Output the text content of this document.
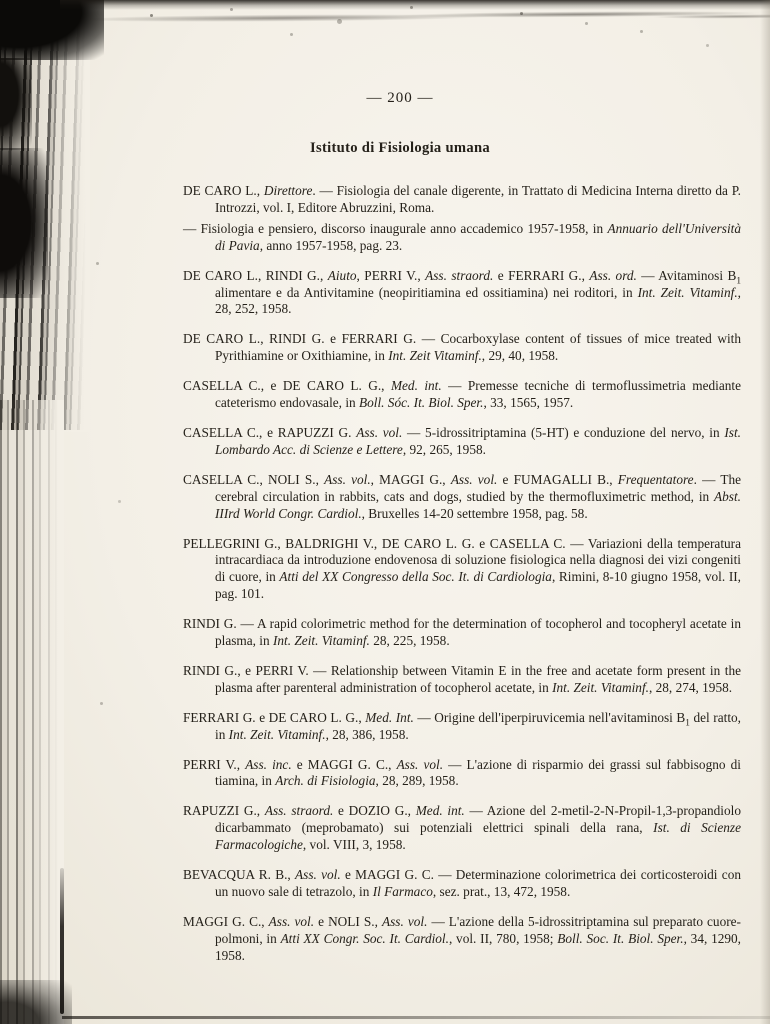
— 200 —
Istituto di Fisiologia umana

DE CARO L., Direttore. — Fisiologia del canale digerente, in Trattato di Medicina Interna diretto da P. Introzzi, vol. I, Editore Abruzzini, Roma.

— Fisiologia e pensiero, discorso inaugurale anno accademico 1957-1958, in Annuario dell'Università di Pavia, anno 1957-1958, pag. 23.

DE CARO L., RINDI G., Aiuto, PERRI V., Ass. straord. e FERRARI G., Ass. ord. — Avitaminosi $B_1$ alimentare e da Antivitamine (neopiritiamina ed ossitiamina) nei roditori, in Int. Zeit. Vitaminf., 28, 252, 1958.

DE CARO L., RINDI G. e FERRARI G. — Cocarboxylase content of tissues of mice treated with Pyrithiamine or Oxithiamine, in Int. Zeit Vitaminf., 29, 40, 1958.

CASELLA C., e DE CARO L. G., Med. int. — Premesse tecniche di termoflussimetria mediante cateterismo endovasale, in Boll. Sóc. It. Biol. Sper., 33, 1565, 1957.

CASELLA C., e RAPUZZI G. Ass. vol. — 5-idrossitriptamina (5-HT) e conduzione del nervo, in Ist. Lombardo Acc. di Scienze e Lettere, 92, 265, 1958.

CASELLA C., NOLI S., Ass. vol., MAGGI G., Ass. vol. e FUMAGALLI B., Frequentatore. — The cerebral circulation in rabbits, cats and dogs, studied by the thermofluximetric method, in Abst. IIIrd World Congr. Cardiol., Bruxelles 14-20 settembre 1958, pag. 58.

PELLEGRINI G., BALDRIGHI V., DE CARO L. G. e CASELLA C. — Variazioni della temperatura intracardiaca da introduzione endovenosa di soluzione fisiologica nella diagnosi dei vizi congeniti di cuore, in Atti del XX Congresso della Soc. It. di Cardiologia, Rimini, 8-10 giugno 1958, vol. II, pag. 101.

RINDI G. — A rapid colorimetric method for the determination of tocopherol and tocopheryl acetate in plasma, in Int. Zeit. Vitaminf. 28, 225, 1958.

RINDI G., e PERRI V. — Relationship between Vitamin E in the free and acetate form present in the plasma after parenteral administration of tocopherol acetate, in Int. Zeit. Vitaminf., 28, 274, 1958.

FERRARI G. e DE CARO L. G., Med. Int. — Origine dell'iperpiruvicemia nell'avitaminosi $B_1$ del ratto, in Int. Zeit. Vitaminf., 28, 386, 1958.

PERRI V., Ass. inc. e MAGGI G. C., Ass. vol. — L'azione di risparmio dei grassi sul fabbisogno di tiamina, in Arch. di Fisiologia, 28, 289, 1958.

RAPUZZI G., Ass. straord. e DOZIO G., Med. int. — Azione del 2-metil-2-N-Propil-1,3-propandiolo dicarbammato (meprobamato) sui potenziali elettrici spinali della rana, Ist. di Scienze Farmacologiche, vol. VIII, 3, 1958.

BEVACQUA R. B., Ass. vol. e MAGGI G. C. — Determinazione colorimetrica dei corticosteroidi con un nuovo sale di tetrazolo, in Il Farmaco, sez. prat., 13, 472, 1958.

MAGGI G. C., Ass. vol. e NOLI S., Ass. vol. — L'azione della 5-idrossitriptamina sul preparato cuore-polmoni, in Atti XX Congr. Soc. It. Cardiol., vol. II, 780, 1958; Boll. Soc. It. Biol. Sper., 34, 1290, 1958.
